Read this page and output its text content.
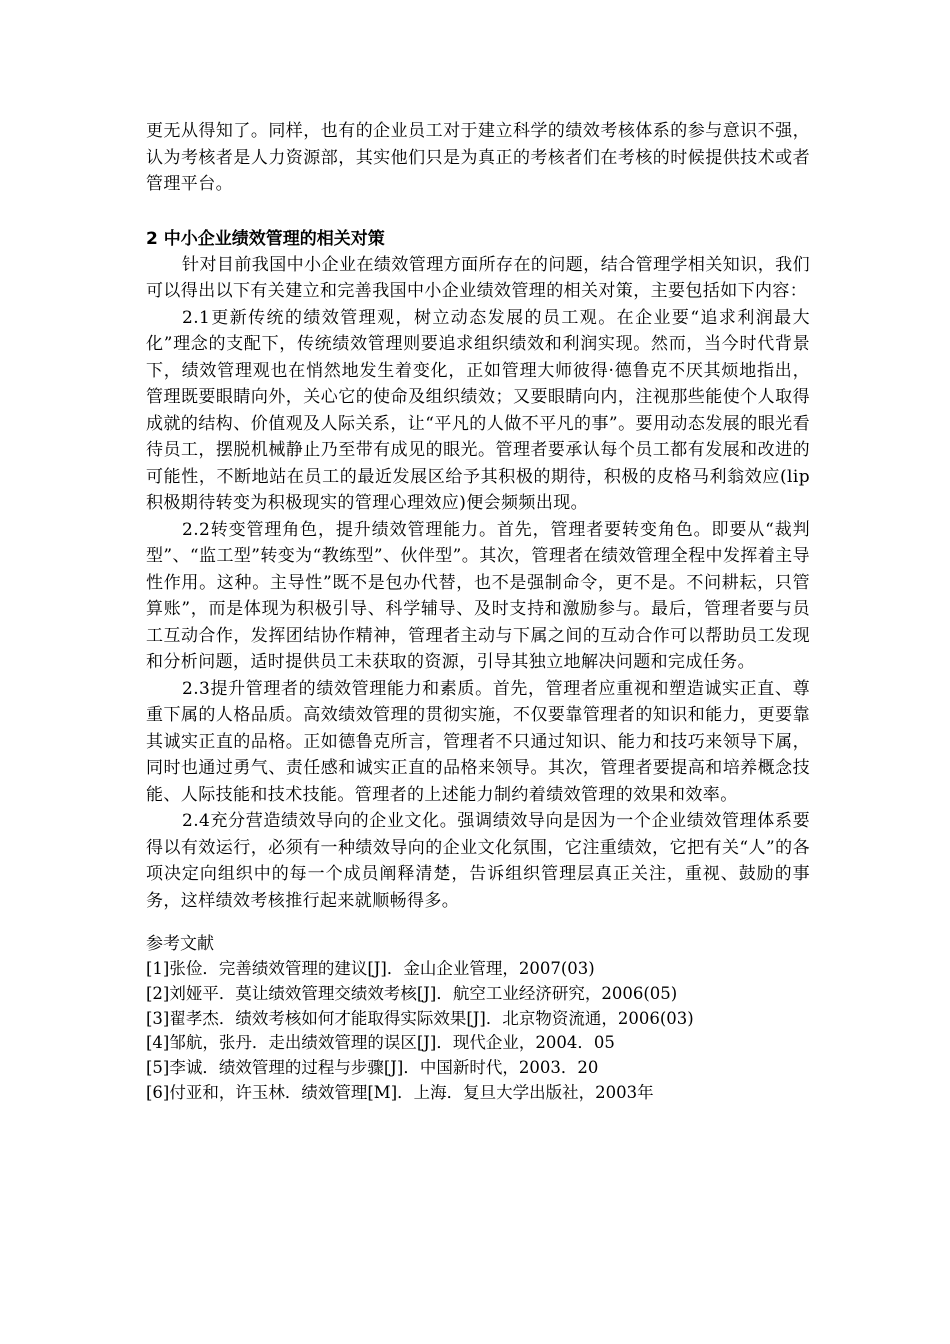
更无从得知了。同样，也有的企业员工对于建立科学的绩效考核体系的参与意识不强，认为考核者是人力资源部，其实他们只是为真正的考核者们在考核的时候提供技术或者管理平台。

2 中小企业绩效管理的相关对策

针对目前我国中小企业在绩效管理方面所存在的问题，结合管理学相关知识，我们可以得出以下有关建立和完善我国中小企业绩效管理的相关对策，主要包括如下内容：

2.1更新传统的绩效管理观，树立动态发展的员工观。在企业要“追求利润最大化”理念的支配下，传统绩效管理则要追求组织绩效和利润实现。然而，当今时代背景下，绩效管理观也在悄然地发生着变化，正如管理大师彼得·德鲁克不厌其烦地指出，管理既要眼睛向外，关心它的使命及组织绩效；又要眼睛向内，注视那些能使个人取得成就的结构、价值观及人际关系，让“平凡的人做不平凡的事”。要用动态发展的眼光看待员工，摆脱机械静止乃至带有成见的眼光。管理者要承认每个员工都有发展和改进的可能性，不断地站在员工的最近发展区给予其积极的期待，积极的皮格马利翁效应(lip积极期待转变为积极现实的管理心理效应)便会频频出现。

2.2转变管理角色，提升绩效管理能力。首先，管理者要转变角色。即要从“裁判型”、“监工型”转变为“教练型”、伙伴型”。其次，管理者在绩效管理全程中发挥着主导性作用。这种。主导性”既不是包办代替，也不是强制命令，更不是。不问耕耘，只管算账”，而是体现为积极引导、科学辅导、及时支持和激励参与。最后，管理者要与员工互动合作，发挥团结协作精神，管理者主动与下属之间的互动合作可以帮助员工发现和分析问题，适时提供员工未获取的资源，引导其独立地解决问题和完成任务。

2.3提升管理者的绩效管理能力和素质。首先，管理者应重视和塑造诚实正直、尊重下属的人格品质。高效绩效管理的贯彻实施，不仅要靠管理者的知识和能力，更要靠其诚实正直的品格。正如德鲁克所言，管理者不只通过知识、能力和技巧来领导下属，同时也通过勇气、责任感和诚实正直的品格来领导。其次，管理者要提高和培养概念技能、人际技能和技术技能。管理者的上述能力制约着绩效管理的效果和效率。

2.4充分营造绩效导向的企业文化。强调绩效导向是因为一个企业绩效管理体系要得以有效运行，必须有一种绩效导向的企业文化氛围，它注重绩效，它把有关“人”的各项决定向组织中的每一个成员阐释清楚，告诉组织管理层真正关注，重视、鼓励的事务，这样绩效考核推行起来就顺畅得多。

参考文献

[1]张俭．完善绩效管理的建议[J]．金山企业管理，2007(03)

[2]刘娅平．莫让绩效管理交绩效考核[J]．航空工业经济研究，2006(05)

[3]翟孝杰．绩效考核如何才能取得实际效果[J]．北京物资流通，2006(03)

[4]邹航，张丹．走出绩效管理的误区[J]．现代企业，2004．05

[5]李诚．绩效管理的过程与步骤[J]．中国新时代，2003．20

[6]付亚和，许玉林．绩效管理[M]．上海．复旦大学出版社，2003年
